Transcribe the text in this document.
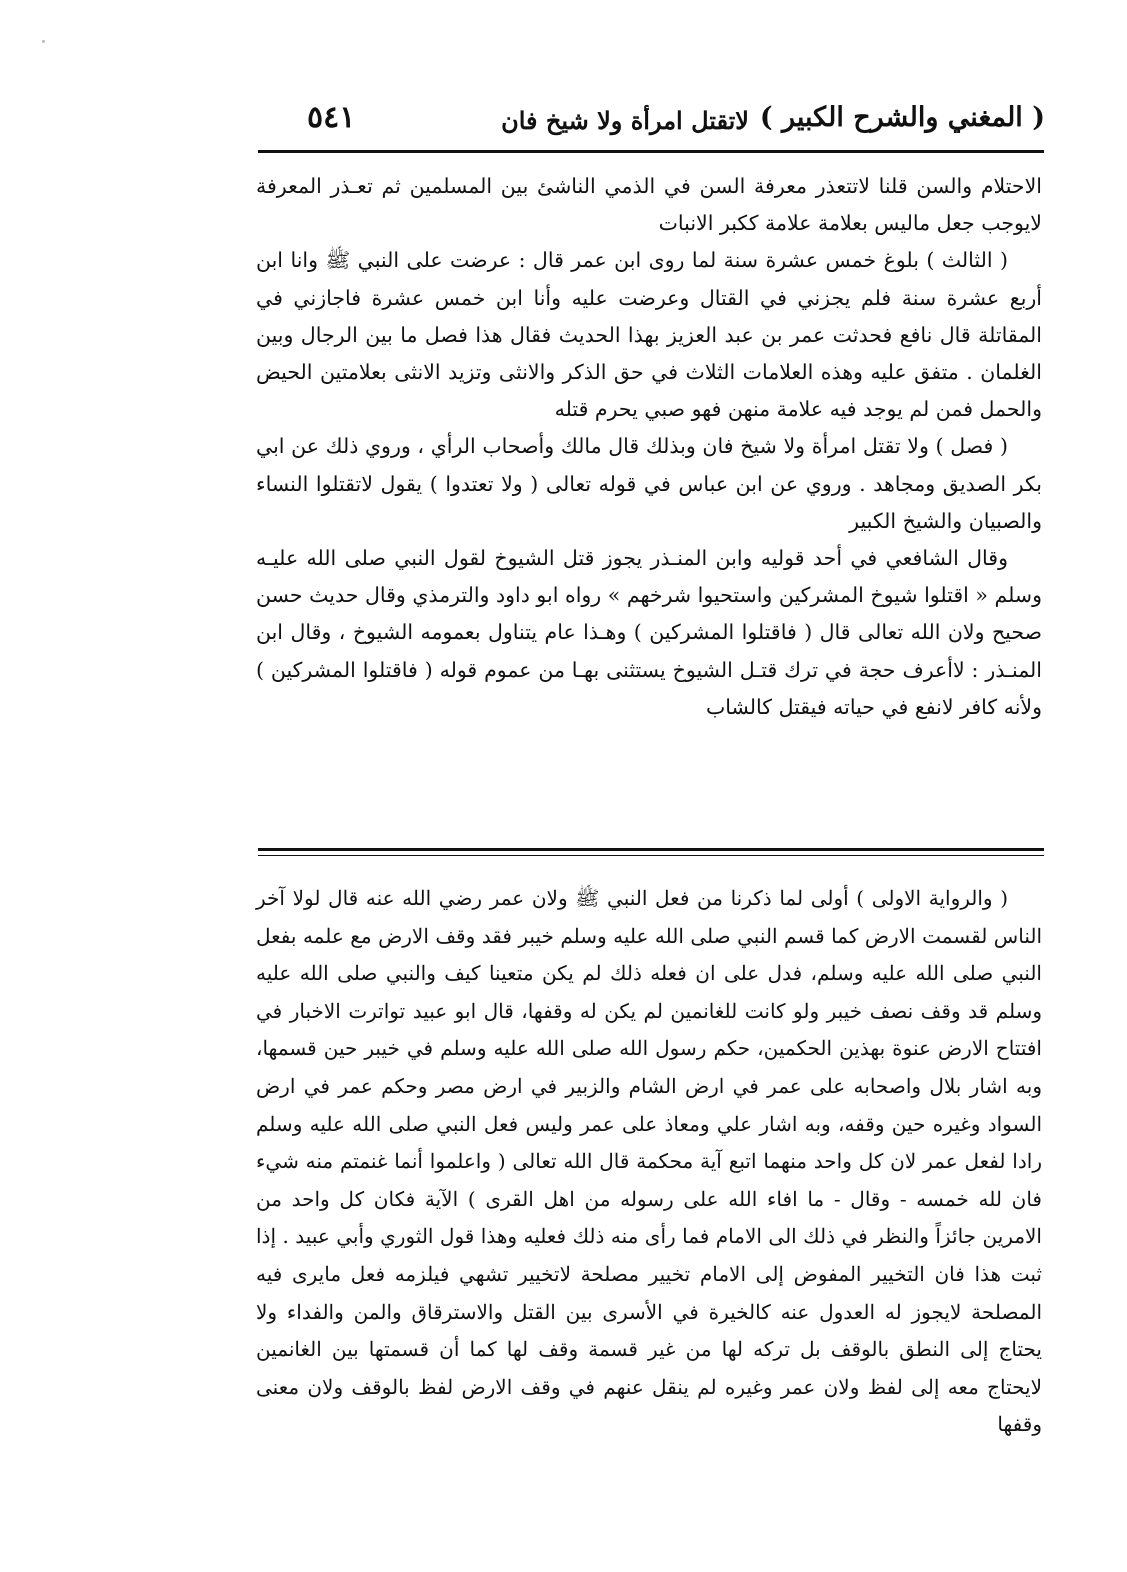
( المغني والشرح الكبير )
لاتقتل امرأة ولا شيخ فان
٥٤١

الاحتلام والسن قلنا لاتتعذر معرفة السن في الذمي الناشئ بين المسلمين ثم تعـذر المعرفة لايوجب جعل ماليس بعلامة علامة ككبر الانبات

( الثالث ) بلوغ خمس عشرة سنة لما روى ابن عمر قال : عرضت على النبي ﷺ وانا ابن أربع عشرة سنة فلم يجزني في القتال وعرضت عليه وأنا ابن خمس عشرة فاجازني في المقاتلة قال نافع فحدثت عمر بن عبد العزيز بهذا الحديث فقال هذا فصل ما بين الرجال وبين الغلمان . متفق عليه وهذه العلامات الثلاث في حق الذكر والانثى وتزيد الانثى بعلامتين الحيض والحمل فمن لم يوجد فيه علامة منهن فهو صبي يحرم قتله

( فصل ) ولا تقتل امرأة ولا شيخ فان وبذلك قال مالك وأصحاب الرأي ، وروي ذلك عن ابي بكر الصديق ومجاهد . وروي عن ابن عباس في قوله تعالى ( ولا تعتدوا ) يقول لاتقتلوا النساء والصبيان والشيخ الكبير

وقال الشافعي في أحد قوليه وابن المنـذر يجوز قتل الشيوخ لقول النبي صلى الله عليـه وسلم « اقتلوا شيوخ المشركين واستحيوا شرخهم » رواه ابو داود والترمذي وقال حديث حسن صحيح ولان الله تعالى قال ( فاقتلوا المشركين ) وهـذا عام يتناول بعمومه الشيوخ ، وقال ابن المنـذر : لاأعرف حجة في ترك قتـل الشيوخ يستثنى بهـا من عموم قوله ( فاقتلوا المشركين ) ولأنه كافر لانفع في حياته فيقتل كالشاب

( والرواية الاولى ) أولى لما ذكرنا من فعل النبي ﷺ ولان عمر رضي الله عنه قال لولا آخر الناس لقسمت الارض كما قسم النبي صلى الله عليه وسلم خيبر فقد وقف الارض مع علمه بفعل النبي صلى الله عليه وسلم، فدل على ان فعله ذلك لم يكن متعينا كيف والنبي صلى الله عليه وسلم قد وقف نصف خيبر ولو كانت للغانمين لم يكن له وقفها، قال ابو عبيد تواترت الاخبار في افتتاح الارض عنوة بهذين الحكمين، حكم رسول الله صلى الله عليه وسلم في خيبر حين قسمها، وبه اشار بلال واصحابه على عمر في ارض الشام والزبير في ارض مصر وحكم عمر في ارض السواد وغيره حين وقفه، وبه اشار علي ومعاذ على عمر وليس فعل النبي صلى الله عليه وسلم رادا لفعل عمر لان كل واحد منهما اتبع آية محكمة قال الله تعالى ( واعلموا أنما غنمتم منه شيء فان لله خمسه - وقال - ما افاء الله على رسوله من اهل القرى ) الآية فكان كل واحد من الامرين جائزاً والنظر في ذلك الى الامام فما رأى منه ذلك فعليه وهذا قول الثوري وأبي عبيد . إذا ثبت هذا فان التخيير المفوض إلى الامام تخيير مصلحة لاتخيير تشهي فيلزمه فعل مايرى فيه المصلحة لايجوز له العدول عنه كالخيرة في الأسرى بين القتل والاسترقاق والمن والفداء ولا يحتاج إلى النطق بالوقف بل تركه لها من غير قسمة وقف لها كما أن قسمتها بين الغانمين لايحتاج معه إلى لفظ ولان عمر وغيره لم ينقل عنهم في وقف الارض لفظ بالوقف ولان معنى وقفها
